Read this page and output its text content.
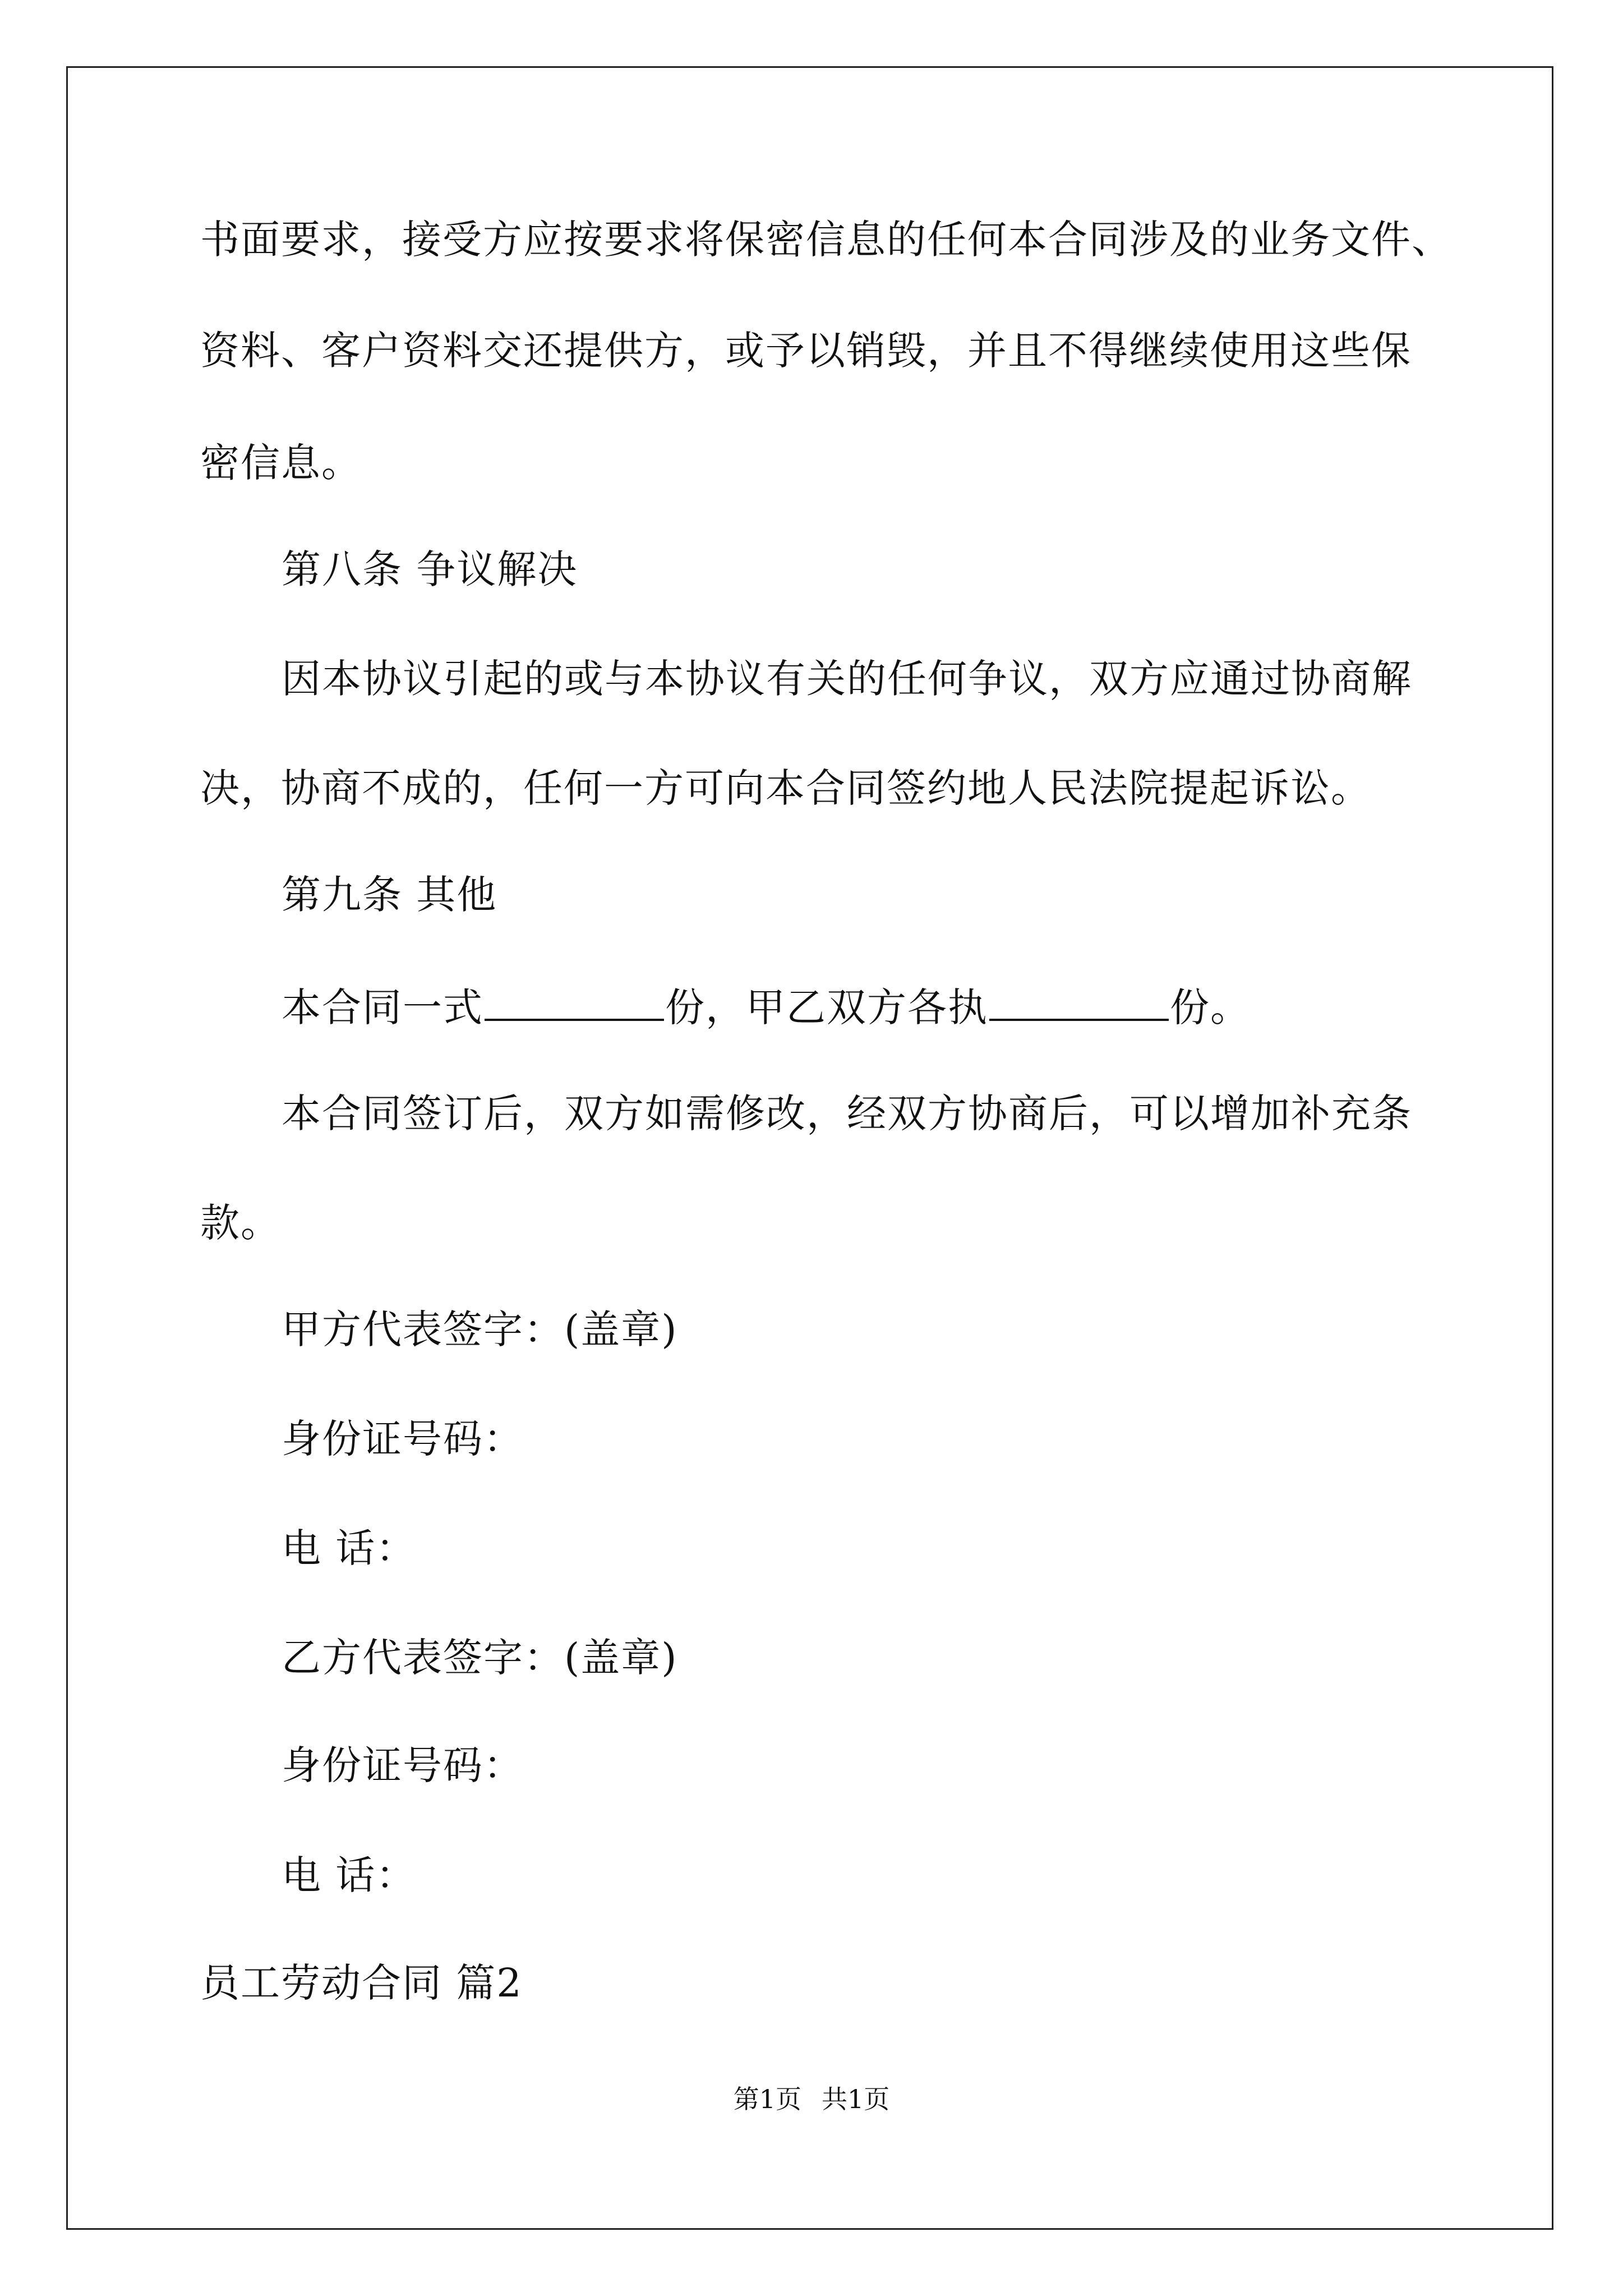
书面要求，接受方应按要求将保密信息的任何本合同涉及的业务文件、
资料、客户资料交还提供方，或予以销毁，并且不得继续使用这些保
密信息。
第八条 争议解决
因本协议引起的或与本协议有关的任何争议，双方应通过协商解
决，协商不成的，任何一方可向本合同签约地人民法院提起诉讼。
第九条 其他
本合同一式	份，甲乙双方各执	份。
本合同签订后，双方如需修改，经双方协商后，可以增加补充条
款。
甲方代表签字：(盖章)
身份证号码：
电 话：
乙方代表签字：(盖章)
身份证号码：
电 话：
员工劳动合同 篇2
第1页 共1页
